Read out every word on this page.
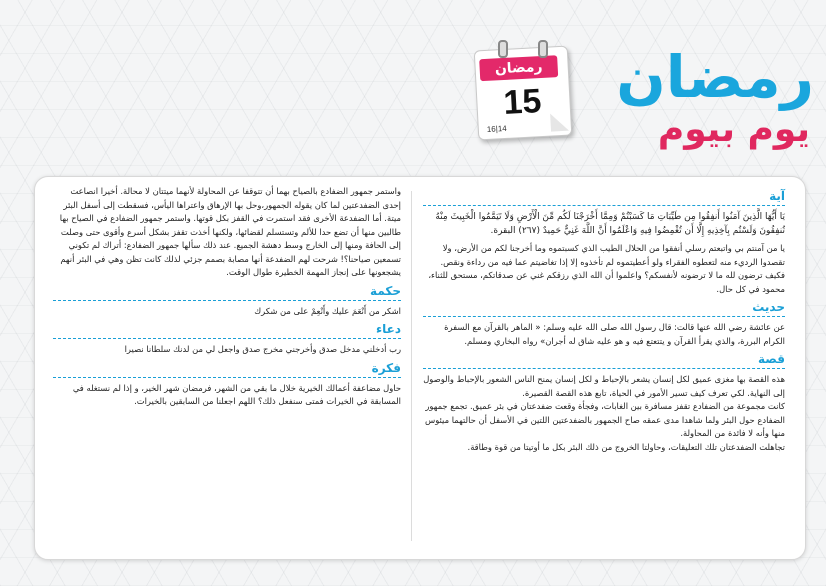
رمضان
يوم بيوم
رمضان
15
16|14
آية

يَا أَيُّهَا الَّذِينَ آمَنُوا أَنفِقُوا مِن طَيِّبَاتِ مَا كَسَبْتُمْ وَمِمَّا أَخْرَجْنَا لَكُم مِّنَ الْأَرْضِ وَلَا تَيَمَّمُوا الْخَبِيثَ مِنْهُ تُنفِقُونَ وَلَسْتُم بِآخِذِيهِ إِلَّا أَن تُغْمِضُوا فِيهِ وَاعْلَمُوا أَنَّ اللَّهَ غَنِيٌّ حَمِيدٌ (٢٦٧) البقرة.

يا من آمنتم بي واتبعتم رسلي أنفقوا من الحلال الطيب الذي كسبتموه وما أخرجنا لكم من الأرض، ولا تقصدوا الرديء منه لتعطوه الفقراء ولو أعطيتموه لم تأخذوه إلا إذا تغاضيتم عما فيه من رداءة ونقص. فكيف ترضون لله ما لا ترضونه لأنفسكم؟ واعلموا أن الله الذي رزقكم غني عن صدقاتكم، مستحق للثناء، محمود في كل حال.

حديث

عن عائشة رضي الله عنها قالت: قال رسول الله صلى الله عليه وسلم: « الماهر بالقرآن مع السفرة الكرام البررة، والذي يقرأ القرآن و يتتعتع فيه و هو عليه شاق له أجران» رواه البخاري ومسلم.

قصة

هذه القصة بها مغزى عميق لكل إنسان يشعر بالإحباط و لكل إنسان يمنح الناس الشعور بالإحباط والوصول إلى النهاية. لكي تعرف كيف تسير الأمور في الحياة، تابع هذه القصة القصيرة.
كانت مجموعة من الضفادع تقفز مسافرة بين الغابات، وفجأة وقعت ضفدعتان في بئر عميق. تجمع جمهور الضفادع حول البئر ولما شاهدا مدى عمقه صاح الجمهور بالضفدعتين اللتين في الأسفل أن حالتهما ميئوس منها وأنه لا فائدة من المحاولة.
تجاهلت الضفدعتان تلك التعليقات، وحاولتا الخروج من ذلك البئر بكل ما أوتيتا من قوة وطاقة.

واستمر جمهور الضفادع بالصياح بهما أن تتوقفا عن المحاولة لأنهما ميتتان لا محالة. أخيرا انصاعت إحدى الضفدعتين لما كان يقوله الجمهور،وحل بها الإرهاق واعتراها اليأس، فسقطت إلى أسفل البئر ميتة. أما الضفدعة الأخرى فقد استمرت في القفز بكل قوتها. واستمر جمهور الضفادع في الصياح بها طالبين منها أن تضع حدا للألم وتستسلم لقضائها، ولكنها أخذت تقفز بشكل أسرع وأقوى حتى وصلت إلى الحافة ومنها إلى الخارج وسط دهشة الجميع. عند ذلك سألها جمهور الضفادع: أتراك لم تكوني تسمعين صياحنا؟! شرحت لهم الضفدعة أنها مصابة بصمم جزئي لذلك كانت تظن وهي في البئر أنهم يشجعونها على إنجاز المهمة الخطيرة طوال الوقت.

حكمة

اشكر من أَنْعَمَ عليك وأَنْعِمْ على من شكرك

دعاء

رب أدخلني مدخل صدق وأخرجني مخرج صدق واجعل لي من لدنك سلطانا نصيرا

فكرة

حاول مضاعفة أعمالك الخيرية خلال ما بقي من الشهر، فرمضان شهر الخير، و إذا لم نستغله في المسابقة في الخيرات فمتى سنفعل ذلك؟ اللهم اجعلنا من السابقين بالخيرات.
